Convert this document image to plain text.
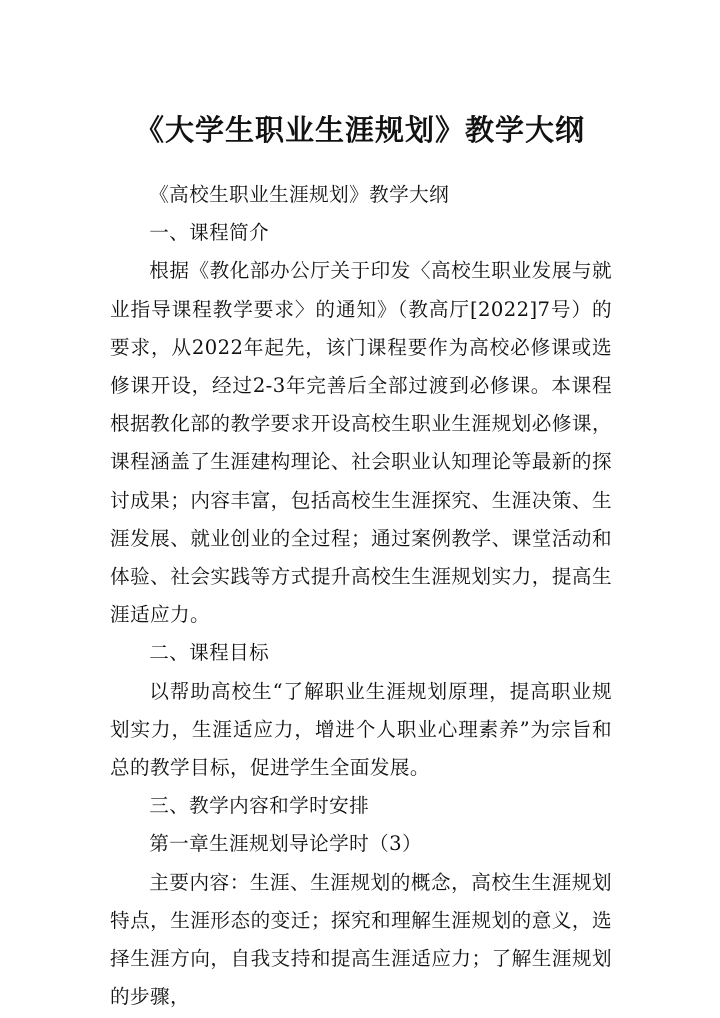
《大学生职业生涯规划》教学大纲

《高校生职业生涯规划》教学大纲

一、课程简介

根据《教化部办公厅关于印发〈高校生职业发展与就业指导课程教学要求〉的通知》（教高厅[2022]7号）的要求，从2022年起先，该门课程要作为高校必修课或选修课开设，经过2-3年完善后全部过渡到必修课。本课程根据教化部的教学要求开设高校生职业生涯规划必修课，课程涵盖了生涯建构理论、社会职业认知理论等最新的探讨成果；内容丰富，包括高校生生涯探究、生涯决策、生涯发展、就业创业的全过程；通过案例教学、课堂活动和体验、社会实践等方式提升高校生生涯规划实力，提高生涯适应力。

二、课程目标

以帮助高校生“了解职业生涯规划原理，提高职业规划实力，生涯适应力，增进个人职业心理素养”为宗旨和总的教学目标，促进学生全面发展。

三、教学内容和学时安排

第一章生涯规划导论学时（3）

主要内容：生涯、生涯规划的概念，高校生生涯规划特点，生涯形态的变迁；探究和理解生涯规划的意义，选择生涯方向，自我支持和提高生涯适应力；了解生涯规划的步骤，
